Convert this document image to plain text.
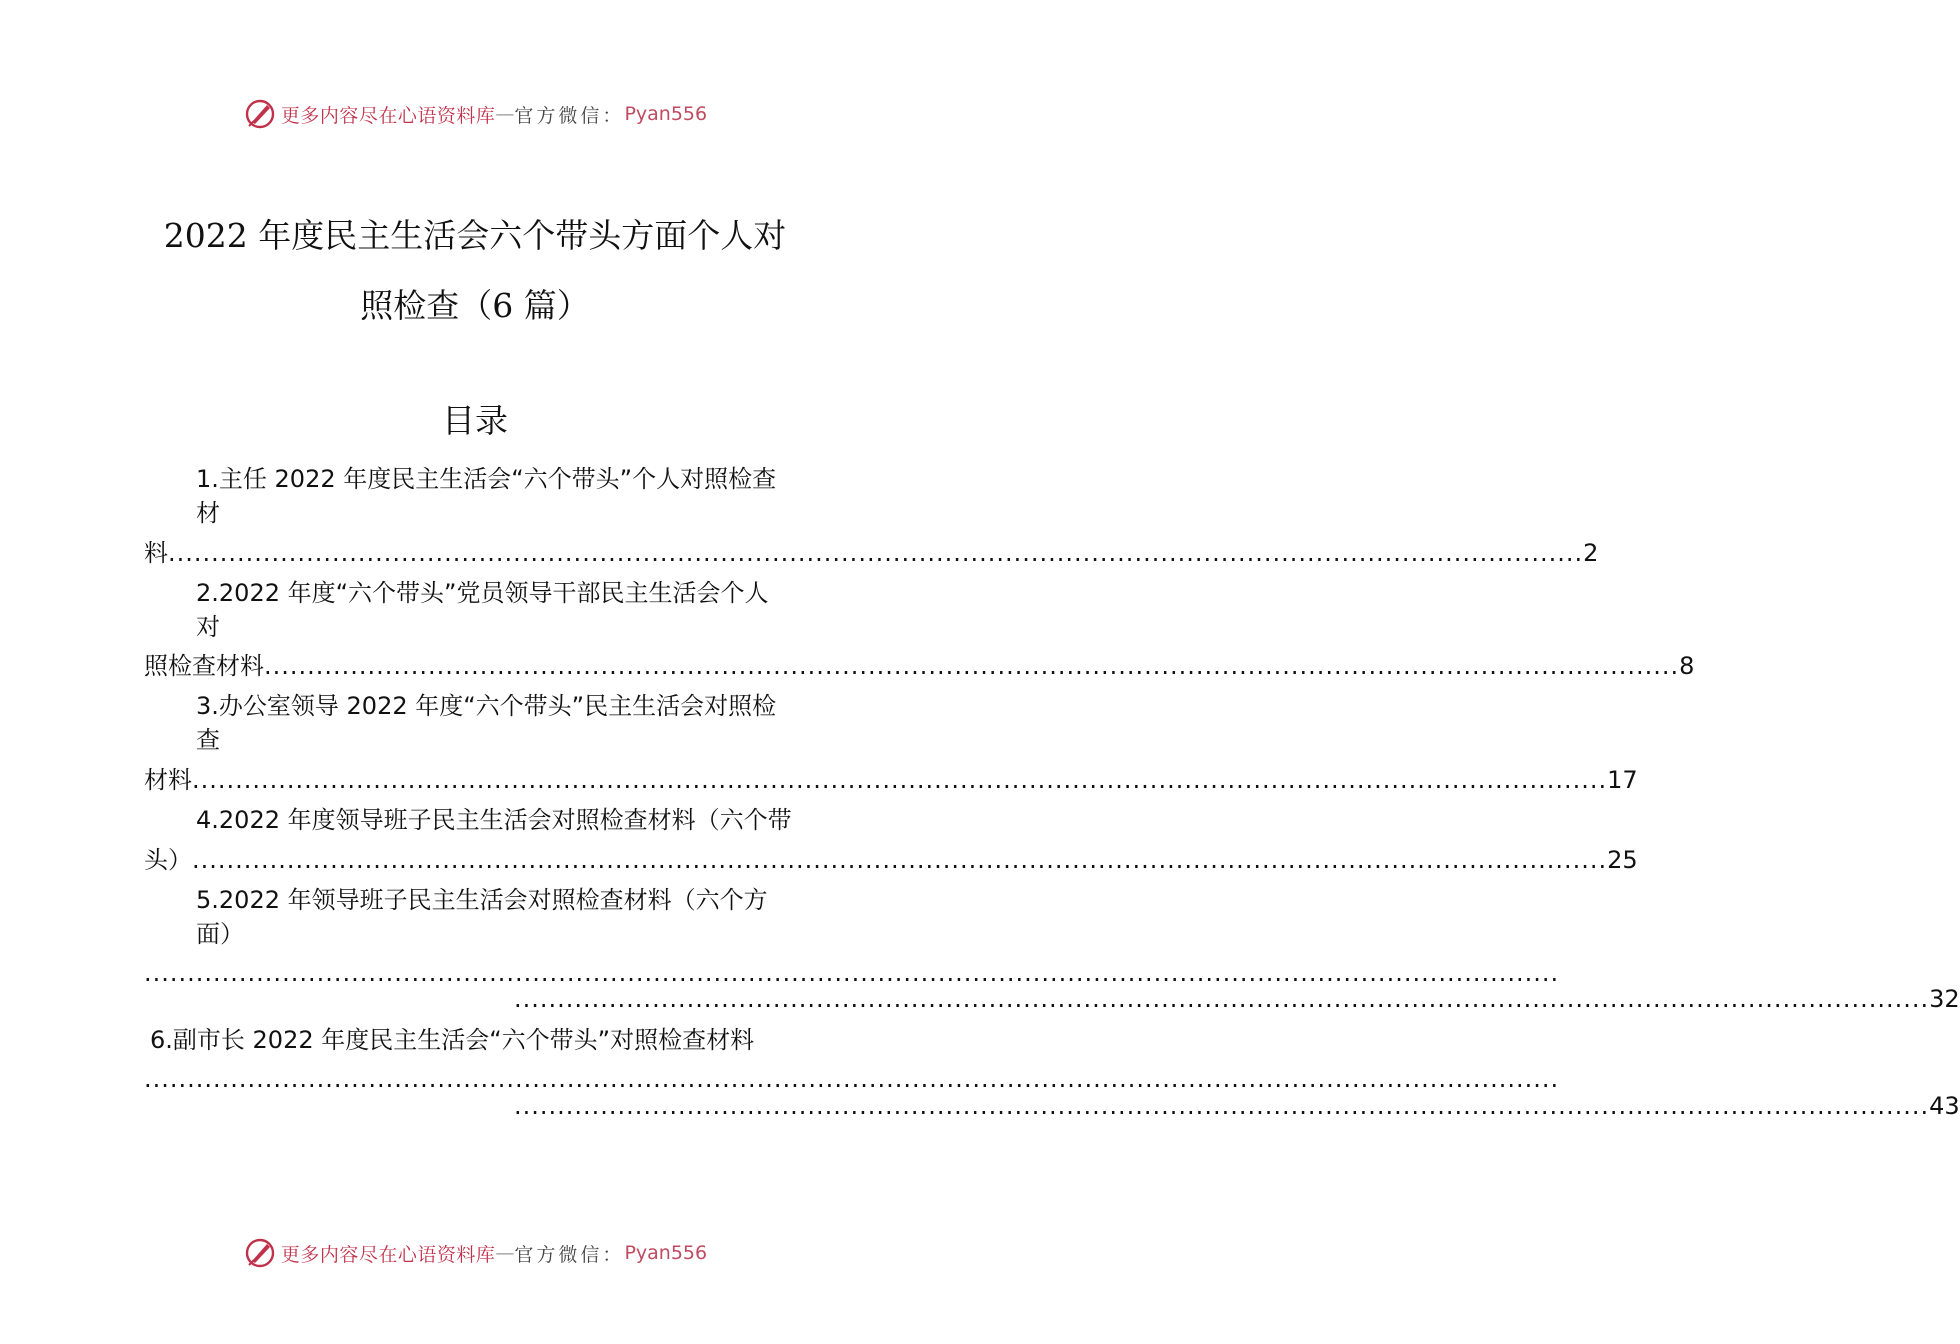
更多内容尽在心语资料库 — 官方微信： Pyan556
2022 年度民主生活会六个带头方面个人对
照检查（6 篇）
目录
1.主任 2022 年度民主生活会“六个带头”个人对照检查
材
料 .................................................................................................................................................................... 2
2.2022 年度“六个带头”党员领导干部民主生活会个人
对
照检查材料 .................................................................................................................................................................... 8
3.办公室领导 2022 年度“六个带头”民主生活会对照检
查
材料 .................................................................................................................................................................... 17
4.2022 年度领导班子民主生活会对照检查材料（六个带
头） .................................................................................................................................................................... 25
5.2022 年领导班子民主生活会对照检查材料（六个方
面）
....................................................................................................................................................................
.................................................................................................................................................................... 32
6.副市长 2022 年度民主生活会“六个带头”对照检查材料
....................................................................................................................................................................
.................................................................................................................................................................... 43
更多内容尽在心语资料库 — 官方微信： Pyan556
